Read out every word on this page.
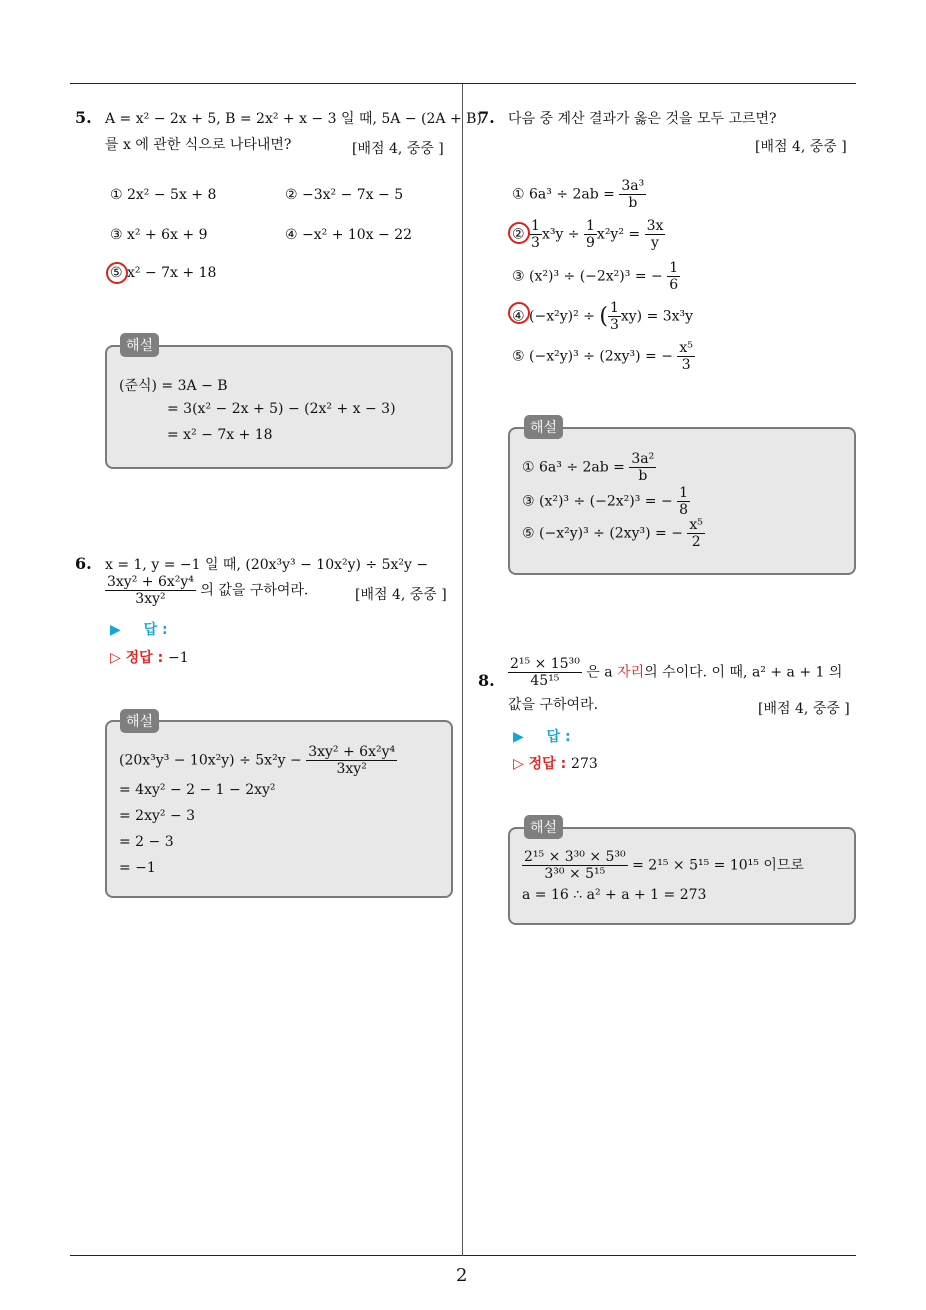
5. A = x² − 2x + 5, B = 2x² + x − 3 일 때, 5A − (2A + B)
를 x 에 관한 식으로 나타내면?	[배점 4, 중중 ]
① 2x² − 5x + 8	② −3x² − 7x − 5
③ x² + 6x + 9	④ −x² + 10x − 22
⑤ x² − 7x + 18
(준식) = 3A − B
= 3(x² − 2x + 5) − (2x² + x − 3)
= x² − 7x + 18
해설
6. x = 1, y = −1 일 때, (20x³y³ − 10x²y) ÷ 5x²y −
$\frac{\text{3xy² + 6x²y⁴}}{\text{3xy²}}$ 의 값을 구하여라.	[배점 4, 중중 ]
▶ 답 :
▷ 정답 : −1
$(20x^3y^3 - 10x^2y) \div 5x^2y - \frac{\text{3xy² + 6x²y⁴}}{\text{3xy²}}$
= 4xy² − 2 − 1 − 2xy²
= 2xy² − 3
= 2 − 3
= −1
해설
7. 다음 중 계산 결과가 옳은 것을 모두 고르면?
[배점 4, 중중 ]
① $6a^3 \div 2ab = \frac{\text{3a³}}{b}$
② $\frac{1}{3} x^3y \div \frac{1}{9} x^2y^2 = \frac{3x}{y}$
③ (x²)³ ÷ (−2x²)³ = − $\frac{1}{6}$
④ (−x²y)² ÷ ( $\frac{1}{3} xy) = 3x^3y$
⑤ (−x²y)³ ÷ (2xy³) = − $\frac{\text{x⁵}}{3}$
① $6a^3 \div 2ab = \frac{\text{3a²}}{b}$
③ (x²)³ ÷ (−2x²)³ = − $\frac{1}{8}$
⑤ (−x²y)³ ÷ (2xy³) = − $\frac{\text{x⁵}}{2}$
해설
8. $\frac{\text{2¹⁵ × 15³⁰}}{\text{45¹⁵}}$ 은 a 자리의 수이다. 이 때, a² + a + 1 의
값을 구하여라.	[배점 4, 중중 ]
▶ 답 :
▷ 정답 : 273
$\frac{\text{2¹⁵ × 3³⁰ × 5³⁰}}{\text{3³⁰ × 5¹⁵}} = 2^{15} \times 5^{15} = 10^{15}$ 이므로
a = 16 ∴ a² + a + 1 = 273
해설
2
